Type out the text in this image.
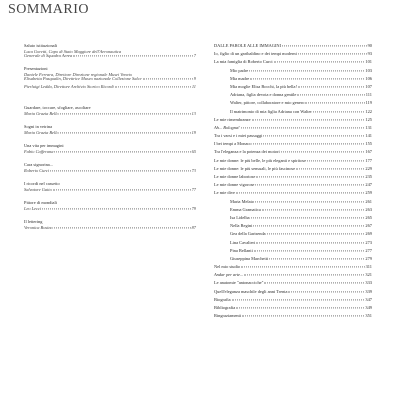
SOMMARIO
Saluto istituzionali
Luca Goretti, Capo di Stato Maggiore dell'Aeronautica
Generale di Squadra Aerea	7
Presentazioni
Daniele Ferrara, Direttore Direzione regionale Musei Veneto
Elisabetta Pasqualin, Direttrice Museo nazionale Collezione Salce	9
Pierluigi Ledda, Direttore Archivio Storico Ricordi	11
Guardare, toccare, sfogliare, ascoltare
Maria Grazia Bello	13
Sogni in vetrina
Maria Grazia Bello	19
Una vita per immagini
Fabio Cafferana	65
Cara signorina...
Roberto Curci	73
I ricordi nel cassetto
Salvatore Gatto	77
Pittore di mondiali
Leo Lecci	79
Il lettering
Veronica Bosino	87
DALLE PAROLE ALLE IMMAGINI	90
Io, figlio di un garibaldino e dei tempi moderni	93
La mia famiglia di Roberto Curci	101
Mio padre	103
Mia madre	106
Mia moglie Elisa Bocchi, la più bella!	107
Adriana, figlia devota e donna gentile	111
Walter, pittore, collaboratore e mio genero	119
Il matrimonio di mia figlia Adriana con Walter	122
Le mie rimembranze	125
Ah... Bologna!	131
Tra i varsi e i miei passaggi	141
I bei tempi a Monaco	155
Tra l'eleganza e la potenza dei motori	167
Le mie donne: le più belle, le più eleganti e spiritose	177
Le mie donne: le più sensuali, le più fascinose	229
Le mie donne laboriose	235
Le mie donne vigorose	247
Le mie dive	259
Maria Melato	261
Emma Gramatica	263
Isa Lidelba	265
Nella Regini	267
Gea della Garisenda	269
Lina Cavalieri	273
Pina Bellanti	277
Giuseppina Marchetti	279
Nel mio studio	311
Andar per arte...	321
Le anatomie "antonacciche"	333
Quell'eleganza maschile degli anni Trenta	339
Biografia	347
Bibliografia	349
Ringraziamenti	351
